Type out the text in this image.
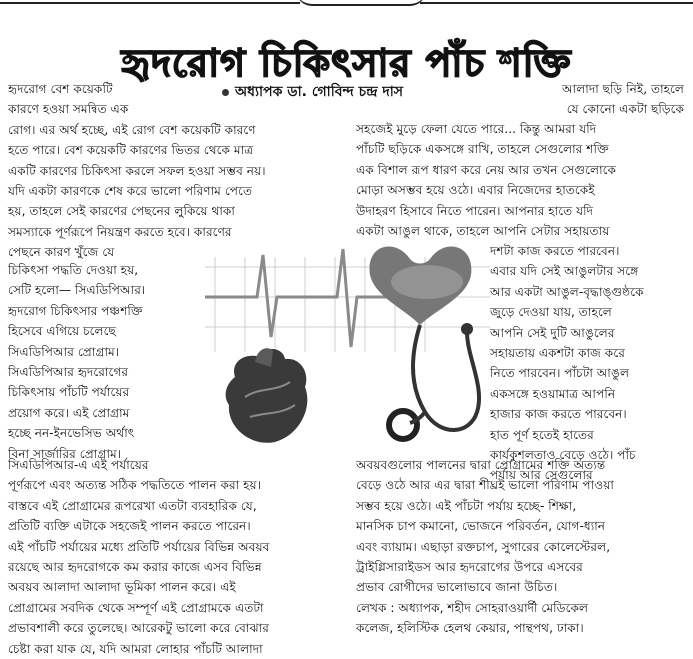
হৃদরোগ চিকিৎসার পাঁচ শক্তি
অধ্যাপক ডা. গোবিন্দ চন্দ্র দাস

হৃদরোগ বেশ কয়েকটি

কারণে হওয়া সমন্বিত এক

রোগ। এর অর্থ হচ্ছে, এই রোগ বেশ কয়েকটি কারণে

হতে পারে। বেশ কয়েকটি কারণের ভিতর থেকে মাত্র

একটি কারণের চিকিৎসা করলে সফল হওয়া সম্ভব নয়।

যদি একটা কারণকে শেষ করে ভালো পরিণাম পেতে

হয়, তাহলে সেই কারণের পেছনের লুকিয়ে থাকা

সমস্যাকে পূর্ণরূপে নিয়ন্ত্রণ করতে হবে। কারণের

পেছনে কারণ খুঁজে যে

চিকিৎসা পদ্ধতি দেওয়া হয়,

সেটি হলো— সিএডিপিআর।

হৃদরোগ চিকিৎসার পঞ্চশক্তি

হিসেবে এগিয়ে চলেছে

সিএডিপিআর প্রোগ্রাম।

সিএডিপিআর হৃদরোগের

চিকিৎসায় পাঁচটি পর্যায়ের

প্রয়োগ করে। এই প্রোগ্রাম

হচ্ছে নন-ইনভেসিভ অর্থাৎ

বিনা সার্জারির প্রোগ্রাম।

সিএডিপিআর-এ এই পর্যায়ের

পূর্ণরূপে এবং অত্যন্ত সঠিক পদ্ধতিতে পালন করা হয়।

বাস্তবে এই প্রোগ্রামের রূপরেখা এতটা ব্যবহারিক যে,

প্রতিটি ব্যক্তি এটাকে সহজেই পালন করতে পারেন।

এই পাঁচটি পর্যায়ের মধ্যে প্রতিটি পর্যায়ের বিভিন্ন অবয়ব

রয়েছে আর হৃদরোগকে কম করার কাজে এসব বিভিন্ন

অবয়ব আলাদা আলাদা ভূমিকা পালন করে। এই

প্রোগ্রামের সবদিক থেকে সম্পূর্ণ এই প্রোগ্রামকে এতটা

প্রভাবশালী করে তুলেছে। আরেকটু ভালো করে বোঝার

চেষ্টা করা যাক যে, যদি আমরা লোহার পাঁচটি আলাদা

আলাদা ছড়ি নিই, তাহলে

যে কোনো একটা ছড়িকে

সহজেই মুড়ে ফেলা যেতে পারে... কিন্তু আমরা যদি

পাঁচটি ছড়িকে একসঙ্গে রাখি, তাহলে সেগুলোর শক্তি

এক বিশাল রূপ ধারণ করে নেয় আর তখন সেগুলোকে

মোড়া অসম্ভব হয়ে ওঠে। এবার নিজেদের হাতকেই

উদাহরণ হিসাবে নিতে পারেন। আপনার হাতে যদি

একটা আঙুল থাকে, তাহলে আপনি সেটার সহায়তায়

দশটা কাজ করতে পারবেন।

এবার যদি সেই আঙুলটার সঙ্গে

আর একটা আঙুল-বৃদ্ধাঙ্গুষ্ঠকে

জুড়ে দেওয়া যায়, তাহলে

আপনি সেই দুটি আঙুলের

সহায়তায় একশটা কাজ করে

নিতে পারবেন। পাঁচটা আঙুল

একসঙ্গে হওয়ামাত্র আপনি

হাজার কাজ করতে পারবেন।

হাত পূর্ণ হতেই হাতের

কার্যকুশলতাও বেড়ে ওঠে। পাঁচ

পর্যায় আর সেগুলোর

অবয়বগুলোর পালনের দ্বারা প্রোগ্রামের শক্তি অত্যন্ত

বেড়ে ওঠে আর এর দ্বারা শীঘ্রই ভালো পরিণাম পাওয়া

সম্ভব হয়ে ওঠে। এই পাঁচটা পর্যায় হচ্ছে- শিক্ষা,

মানসিক চাপ কমানো, ভোজনে পরিবর্তন, যোগ-ধ্যান

এবং ব্যায়াম। এছাড়া রক্তচাপ, সুগারের কোলেস্টেরল,

ট্রাইগ্লিসারাইডস আর হৃদরোগের উপরে এসবের

প্রভাব রোগীদের ভালোভাবে জানা উচিত।

লেখক : অধ্যাপক, শহীদ সোহরাওয়ার্দী মেডিকেল

কলেজ, হলিস্টিক হেলথ কেয়ার, পান্থপথ, ঢাকা।
